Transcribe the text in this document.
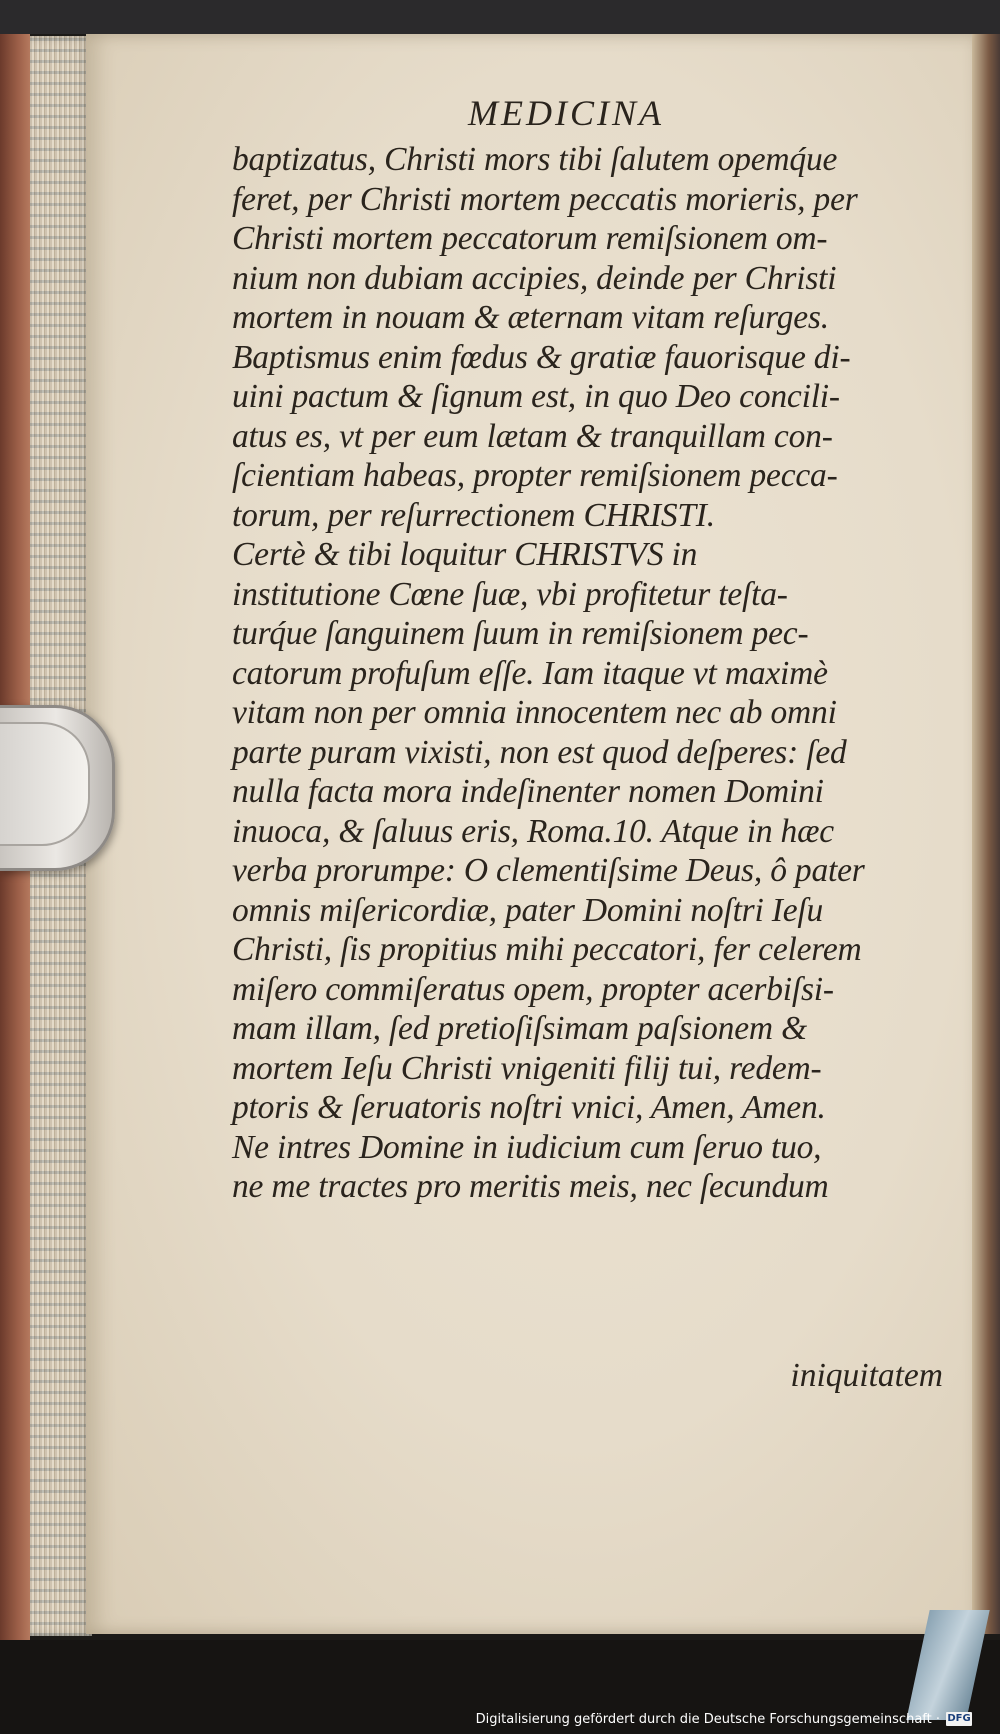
MEDICINA
baptizatus, Christi mors tibi ſalutem opemq́ue
feret, per Christi mortem peccatis morieris, per
Christi mortem peccatorum remiſsionem om-
nium non dubiam accipies, deinde per Christi
mortem in nouam & æternam vitam reſurges.
Baptismus enim fœdus & gratiæ fauorisque di-
uini pactum & ſignum est, in quo Deo concili-
atus es, vt per eum lætam & tranquillam con-
ſcientiam habeas, propter remiſsionem pecca-
torum, per reſurrectionem CHRISTI.
Certè & tibi loquitur CHRISTVS in
institutione Cœne ſuæ, vbi profitetur teſta-
turq́ue ſanguinem ſuum in remiſsionem pec-
catorum profuſum eſſe. Iam itaque vt maximè
vitam non per omnia innocentem nec ab omni
parte puram vixisti, non est quod deſperes: ſed
nulla facta mora indeſinenter nomen Domini
inuoca, & ſaluus eris, Roma.10. Atque in hæc
verba prorumpe: O clementiſsime Deus, ô pater
omnis miſericordiæ, pater Domini noſtri Ieſu
Christi, ſis propitius mihi peccatori, fer celerem
miſero commiſeratus opem, propter acerbiſsi-
mam illam, ſed pretioſiſsimam paſsionem &
mortem Ieſu Christi vnigeniti filij tui, redem-
ptoris & ſeruatoris noſtri vnici, Amen, Amen.
Ne intres Domine in iudicium cum ſeruo tuo,
ne me tractes pro meritis meis, nec ſecundum
iniquitatem
Digitalisierung gefördert durch die Deutsche Forschungsgemeinschaft · DFG
